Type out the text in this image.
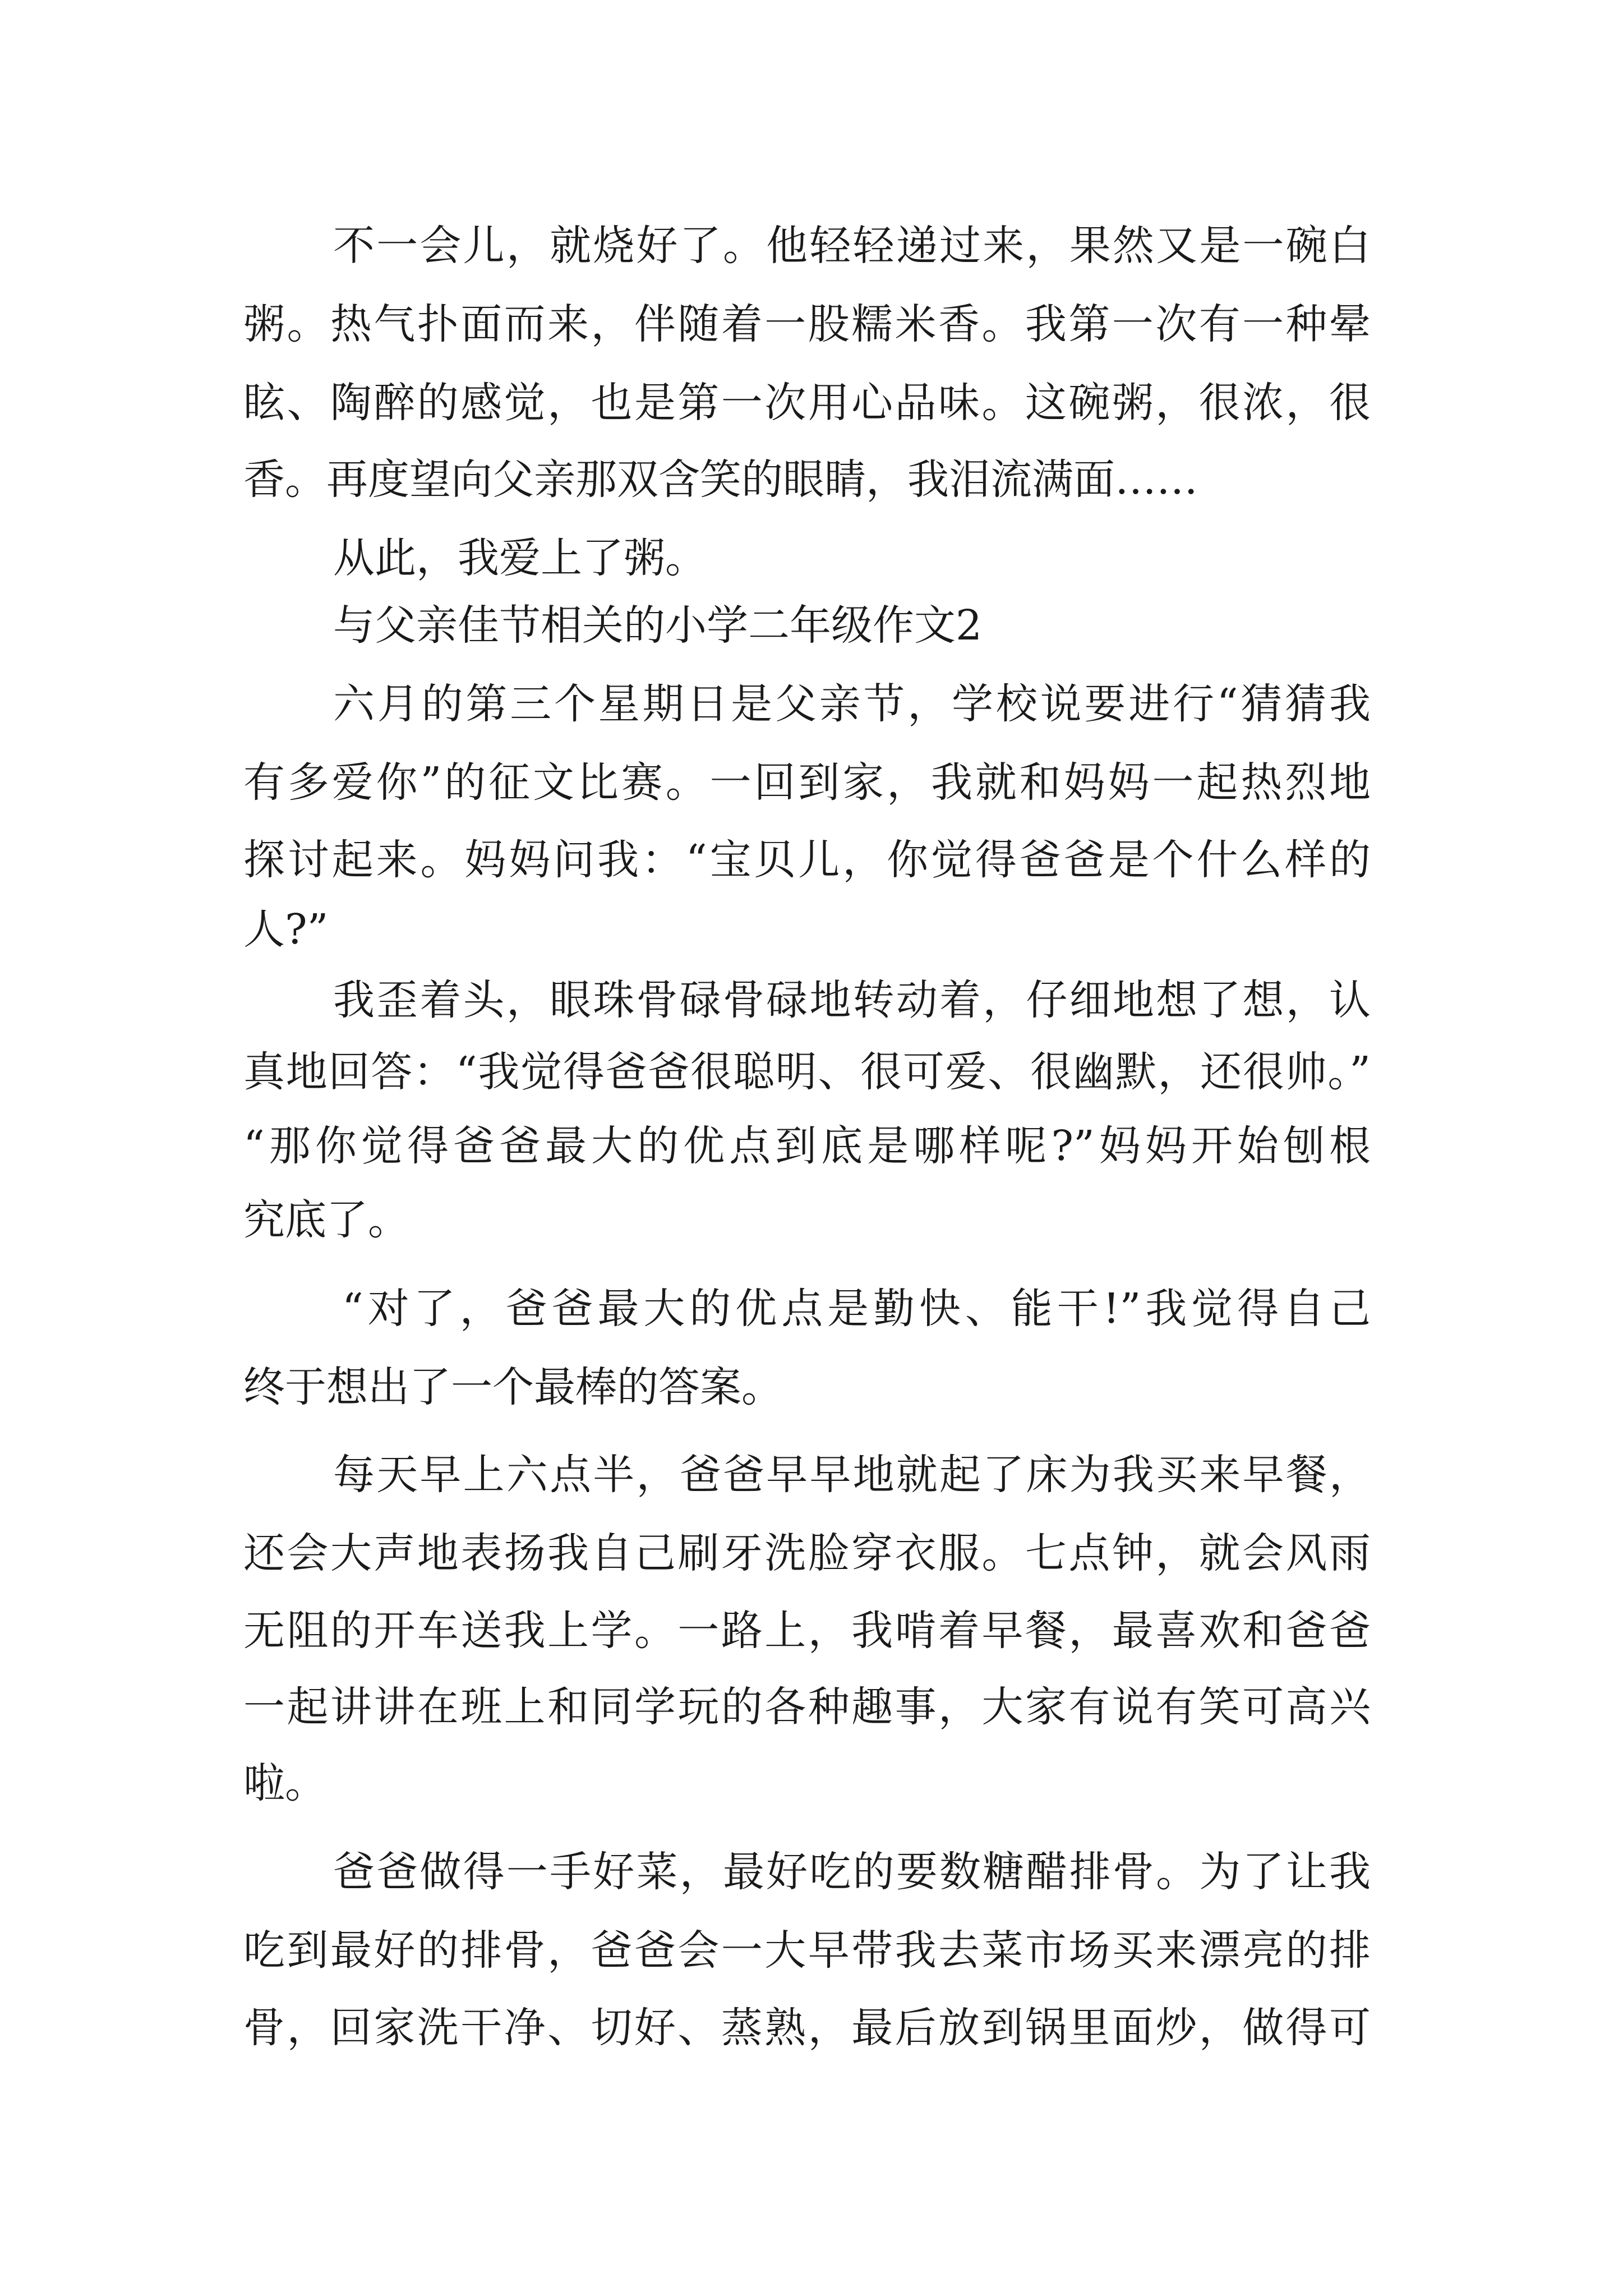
不一会儿，就烧好了。他轻轻递过来，果然又是一碗白

粥。热气扑面而来，伴随着一股糯米香。我第一次有一种晕

眩、陶醉的感觉，也是第一次用心品味。这碗粥，很浓，很

香。再度望向父亲那双含笑的眼睛，我泪流满面……

从此，我爱上了粥。

与父亲佳节相关的小学二年级作文2

六月的第三个星期日是父亲节，学校说要进行“猜猜我

有多爱你”的征文比赛。一回到家，我就和妈妈一起热烈地

探讨起来。妈妈问我：“宝贝儿，你觉得爸爸是个什么样的

人?”

我歪着头，眼珠骨碌骨碌地转动着，仔细地想了想，认

真地回答：“我觉得爸爸很聪明、很可爱、很幽默，还很帅。”

“那你觉得爸爸最大的优点到底是哪样呢?”妈妈开始刨根

究底了。

“对了，爸爸最大的优点是勤快、能干!”我觉得自己

终于想出了一个最棒的答案。

每天早上六点半，爸爸早早地就起了床为我买来早餐，

还会大声地表扬我自己刷牙洗脸穿衣服。七点钟，就会风雨

无阻的开车送我上学。一路上，我啃着早餐，最喜欢和爸爸

一起讲讲在班上和同学玩的各种趣事，大家有说有笑可高兴

啦。

爸爸做得一手好菜，最好吃的要数糖醋排骨。为了让我

吃到最好的排骨，爸爸会一大早带我去菜市场买来漂亮的排

骨，回家洗干净、切好、蒸熟，最后放到锅里面炒，做得可
